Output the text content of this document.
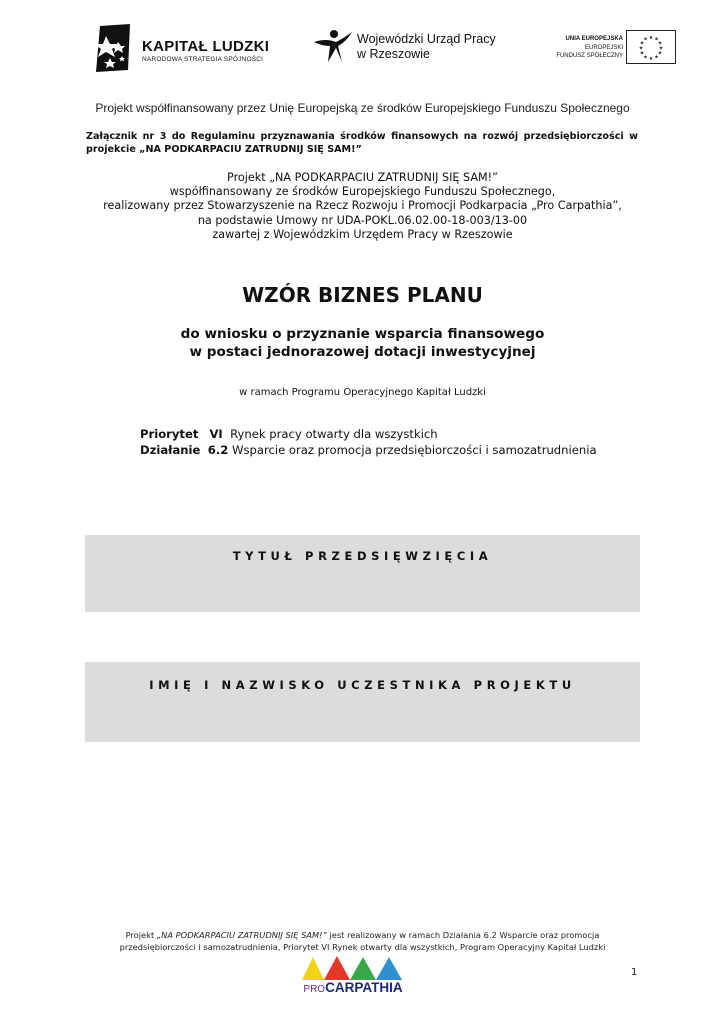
KAPITAŁ LUDZKI
NARODOWA STRATEGIA SPÓJNOŚCI
Wojewódzki Urząd Pracy
w Rzeszowie
UNIA EUROPEJSKA
EUROPEJSKI
FUNDUSZ SPOŁECZNY
★ ★
★
★
★
★
★
★
★
★
★
★
Projekt współfinansowany przez Unię Europejską ze środków Europejskiego Funduszu Społecznego
Załącznik nr 3 do Regulaminu przyznawania środków finansowych na rozwój przedsiębiorczości w projekcie „NA PODKARPACIU ZATRUDNIJ SIĘ SAM!”
Projekt „NA PODKARPACIU ZATRUDNIJ SIĘ SAM!”
współfinansowany ze środków Europejskiego Funduszu Społecznego,
realizowany przez Stowarzyszenie na Rzecz Rozwoju i Promocji Podkarpacia „Pro Carpathia”,
na podstawie Umowy nr UDA-POKL.06.02.00-18-003/13-00
zawartej z Wojewódzkim Urzędem Pracy w Rzeszowie
WZÓR BIZNES PLANU
do wniosku o przyznanie wsparcia finansowego
w postaci jednorazowej dotacji inwestycyjnej
w ramach Programu Operacyjnego Kapitał Ludzki
Priorytet VI Rynek pracy otwarty dla wszystkich
Działanie 6.2 Wsparcie oraz promocja przedsiębiorczości i samozatrudnienia
TYTUŁ PRZEDSIĘWZIĘCIA
IMIĘ I NAZWISKO UCZESTNIKA PROJEKTU
Projekt „NA PODKARPACIU ZATRUDNIJ SIĘ SAM!” jest realizowany w ramach Działania 6.2 Wsparcie oraz promocja
przedsiębiorczości i samozatrudnienia, Priorytet VI Rynek otwarty dla wszystkich, Program Operacyjny Kapitał Ludzki
1
PROCARPATHIA
